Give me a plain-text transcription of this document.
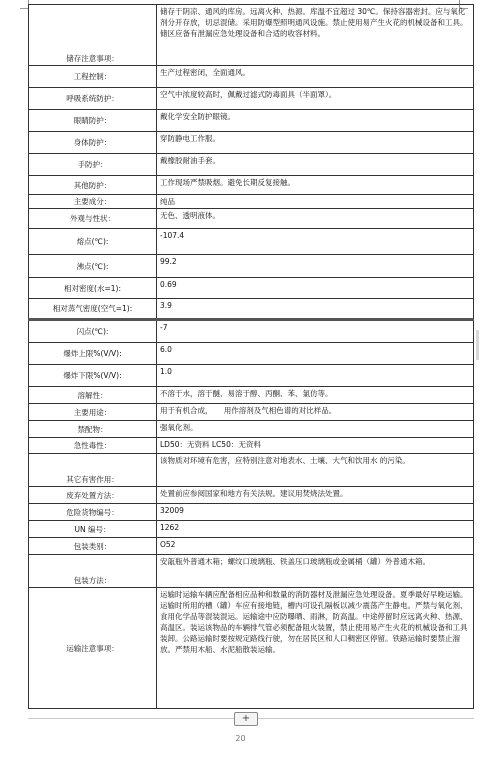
储存注意事项：	储存于阴凉、通风的库房。远离火种、热源。库温不宜超过 30℃。保持容器密封。应与氧化剂分开存放，切忌混储。采用防爆型照明通风设施。禁止使用易产生火花的机械设备和工具。储区应备有泄漏应急处理设备和合适的收容材料。
工程控制：	生产过程密闭，全面通风。
呼吸系统防护：	空气中浓度较高时，佩戴过滤式防毒面具（半面罩）。
眼睛防护：	戴化学安全防护眼镜。
身体防护：	穿防静电工作服。
手防护：	戴橡胶耐油手套。
其他防护：	工作现场严禁吸烟。避免长期反复接触。
主要成分：	纯品
外观与性状：	无色、透明液体。
熔点(℃):	-107.4
沸点(℃):	99.2
相对密度(水=1):	0.69
相对蒸气密度(空气=1):	3.9
闪点(℃):	-7
爆炸上限%(V/V):	6.0
爆炸下限%(V/V):	1.0
溶解性：	不溶于水，溶于醚、易溶于醇、丙酮、苯、氯仿等。
主要用途：	用于有机合成，　　用作溶剂及气相色谱的对比样品。
禁配物：	强氧化剂。
急性毒性：	LD50：无资料 LC50：无资料
其它有害作用：	该物质对环境有危害，应特别注意对地表水、土壤、大气和饮用水 的污染。
废弃处置方法：	处置前应参阅国家和地方有关法规。建议用焚烧法处置。
危险货物编号：	32009
UN 编号：	1262
包装类别：	O52
包装方法：	安瓿瓶外普通木箱；螺纹口玻璃瓶、铁盖压口玻璃瓶或金属桶（罐）外普通木箱。
运输注意事项：	运输时运输车辆应配备相应品种和数量的消防器材及泄漏应急处理设备。夏季最好早晚运输。运输时所用的槽（罐）车应有接地链，槽内可设孔隔板以减少震荡产生静电。严禁与氧化剂、食用化学品等混装混运。运输途中应防曝晒、雨淋，防高温。中途停留时应远离火种、热源、高温区。装运该物品的车辆排气管必须配备阻火装置，禁止使用易产生火花的机械设备和工具装卸。公路运输时要按规定路线行驶，勿在居民区和人口稠密区停留。铁路运输时要禁止溜放。严禁用木船、水泥船散装运输。
+
20
